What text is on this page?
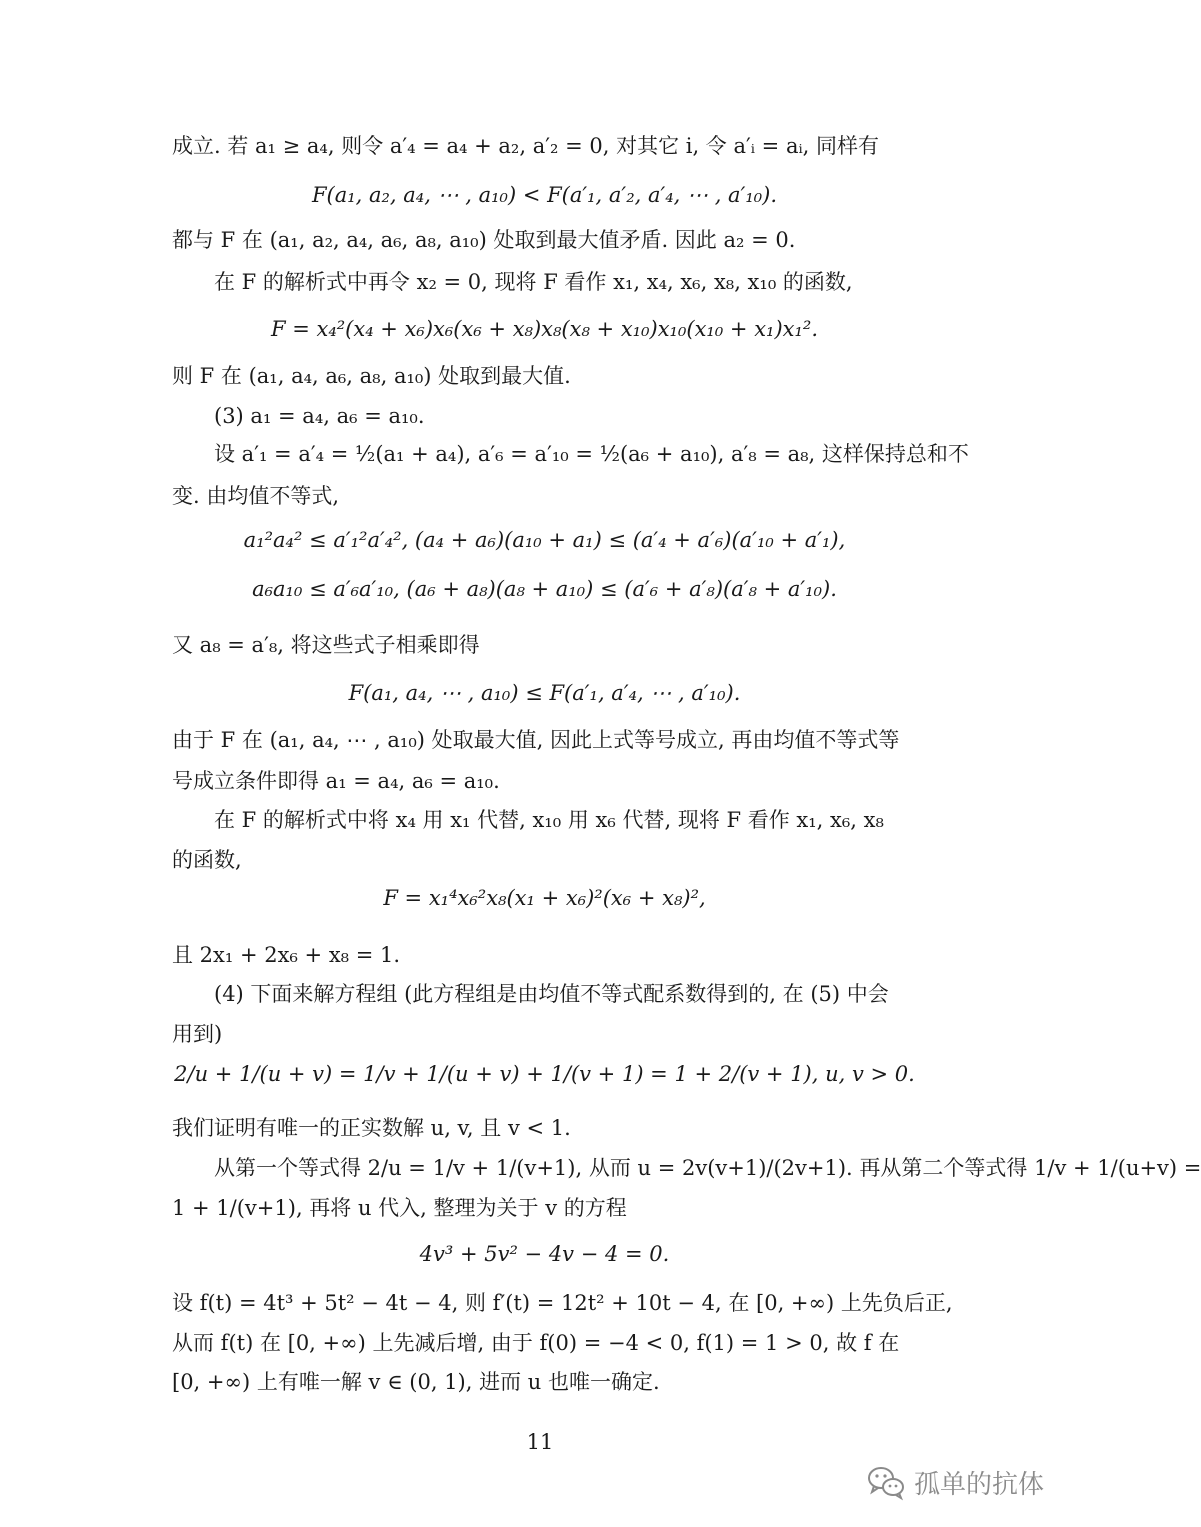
成立. 若 a₁ ≥ a₄, 则令 a′₄ = a₄ + a₂, a′₂ = 0, 对其它 i, 令 a′ᵢ = aᵢ, 同样有
F(a₁, a₂, a₄, ⋯ , a₁₀) < F(a′₁, a′₂, a′₄, ⋯ , a′₁₀).
都与 F 在 (a₁, a₂, a₄, a₆, a₈, a₁₀) 处取到最大值矛盾. 因此 a₂ = 0.
在 F 的解析式中再令 x₂ = 0, 现将 F 看作 x₁, x₄, x₆, x₈, x₁₀ 的函数,
F = x₄²(x₄ + x₆)x₆(x₆ + x₈)x₈(x₈ + x₁₀)x₁₀(x₁₀ + x₁)x₁².
则 F 在 (a₁, a₄, a₆, a₈, a₁₀) 处取到最大值.
(3) a₁ = a₄, a₆ = a₁₀.
设 a′₁ = a′₄ = ½(a₁ + a₄), a′₆ = a′₁₀ = ½(a₆ + a₁₀), a′₈ = a₈, 这样保持总和不
变. 由均值不等式,
a₁²a₄² ≤ a′₁²a′₄², (a₄ + a₆)(a₁₀ + a₁) ≤ (a′₄ + a′₆)(a′₁₀ + a′₁),
a₆a₁₀ ≤ a′₆a′₁₀, (a₆ + a₈)(a₈ + a₁₀) ≤ (a′₆ + a′₈)(a′₈ + a′₁₀).
又 a₈ = a′₈, 将这些式子相乘即得
F(a₁, a₄, ⋯ , a₁₀) ≤ F(a′₁, a′₄, ⋯ , a′₁₀).
由于 F 在 (a₁, a₄, ⋯ , a₁₀) 处取最大值, 因此上式等号成立, 再由均值不等式等
号成立条件即得 a₁ = a₄, a₆ = a₁₀.
在 F 的解析式中将 x₄ 用 x₁ 代替, x₁₀ 用 x₆ 代替, 现将 F 看作 x₁, x₆, x₈
的函数,
F = x₁⁴x₆²x₈(x₁ + x₆)²(x₆ + x₈)²,
且 2x₁ + 2x₆ + x₈ = 1.
(4) 下面来解方程组 (此方程组是由均值不等式配系数得到的, 在 (5) 中会
用到)
2/u + 1/(u + v) = 1/v + 1/(u + v) + 1/(v + 1) = 1 + 2/(v + 1), u, v > 0.
我们证明有唯一的正实数解 u, v, 且 v < 1.
从第一个等式得 2/u = 1/v + 1/(v+1), 从而 u = 2v(v+1)/(2v+1). 再从第二个等式得 1/v + 1/(u+v) =
1 + 1/(v+1), 再将 u 代入, 整理为关于 v 的方程
4v³ + 5v² − 4v − 4 = 0.
设 f(t) = 4t³ + 5t² − 4t − 4, 则 f′(t) = 12t² + 10t − 4, 在 [0, +∞) 上先负后正,
从而 f(t) 在 [0, +∞) 上先减后增, 由于 f(0) = −4 < 0, f(1) = 1 > 0, 故 f 在
[0, +∞) 上有唯一解 v ∈ (0, 1), 进而 u 也唯一确定.
11
孤单的抗体
